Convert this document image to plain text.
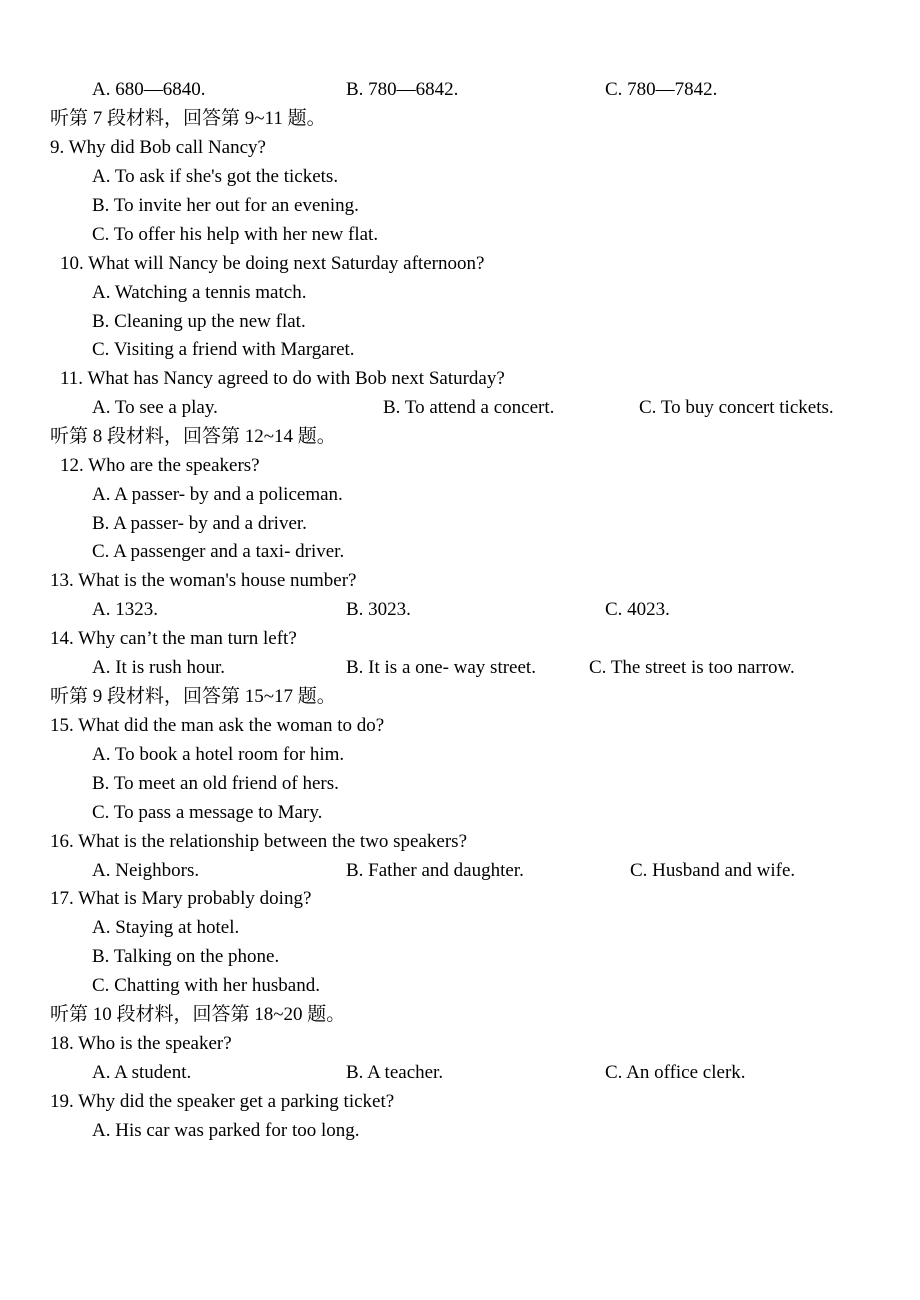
A. 680—6840.	B. 780—6842.	C. 780—7842.
听第 7 段材料，回答第 9~11 题。
9. Why did Bob call Nancy?
A. To ask if she's got the tickets.
B. To invite her out for an evening.
C. To offer his help with her new flat.
10. What will Nancy be doing next Saturday afternoon?
A. Watching a tennis match.
B. Cleaning up the new flat.
C. Visiting a friend with Margaret.
11. What has Nancy agreed to do with Bob next Saturday?
A. To see a play.	B. To attend a concert.	C. To buy concert tickets.
听第 8 段材料，回答第 12~14 题。
12. Who are the speakers?
A. A passer- by and a policeman.
B. A passer- by and a driver.
C. A passenger and a taxi- driver.
13. What is the woman's house number?
A. 1323.	B. 3023.	C. 4023.
14. Why can’t the man turn left?
A. It is rush hour.	B. It is a one- way street.	C. The street is too narrow.
听第 9 段材料，回答第 15~17 题。
15. What did the man ask the woman to do?
A. To book a hotel room for him.
B. To meet an old friend of hers.
C. To pass a message to Mary.
16. What is the relationship between the two speakers?
A. Neighbors.	B. Father and daughter.	C. Husband and wife.
17. What is Mary probably doing?
A. Staying at hotel.
B. Talking on the phone.
C. Chatting with her husband.
听第 10 段材料，回答第 18~20 题。
18. Who is the speaker?
A. A student.	B. A teacher.	C. An office clerk.
19. Why did the speaker get a parking ticket?
A. His car was parked for too long.
